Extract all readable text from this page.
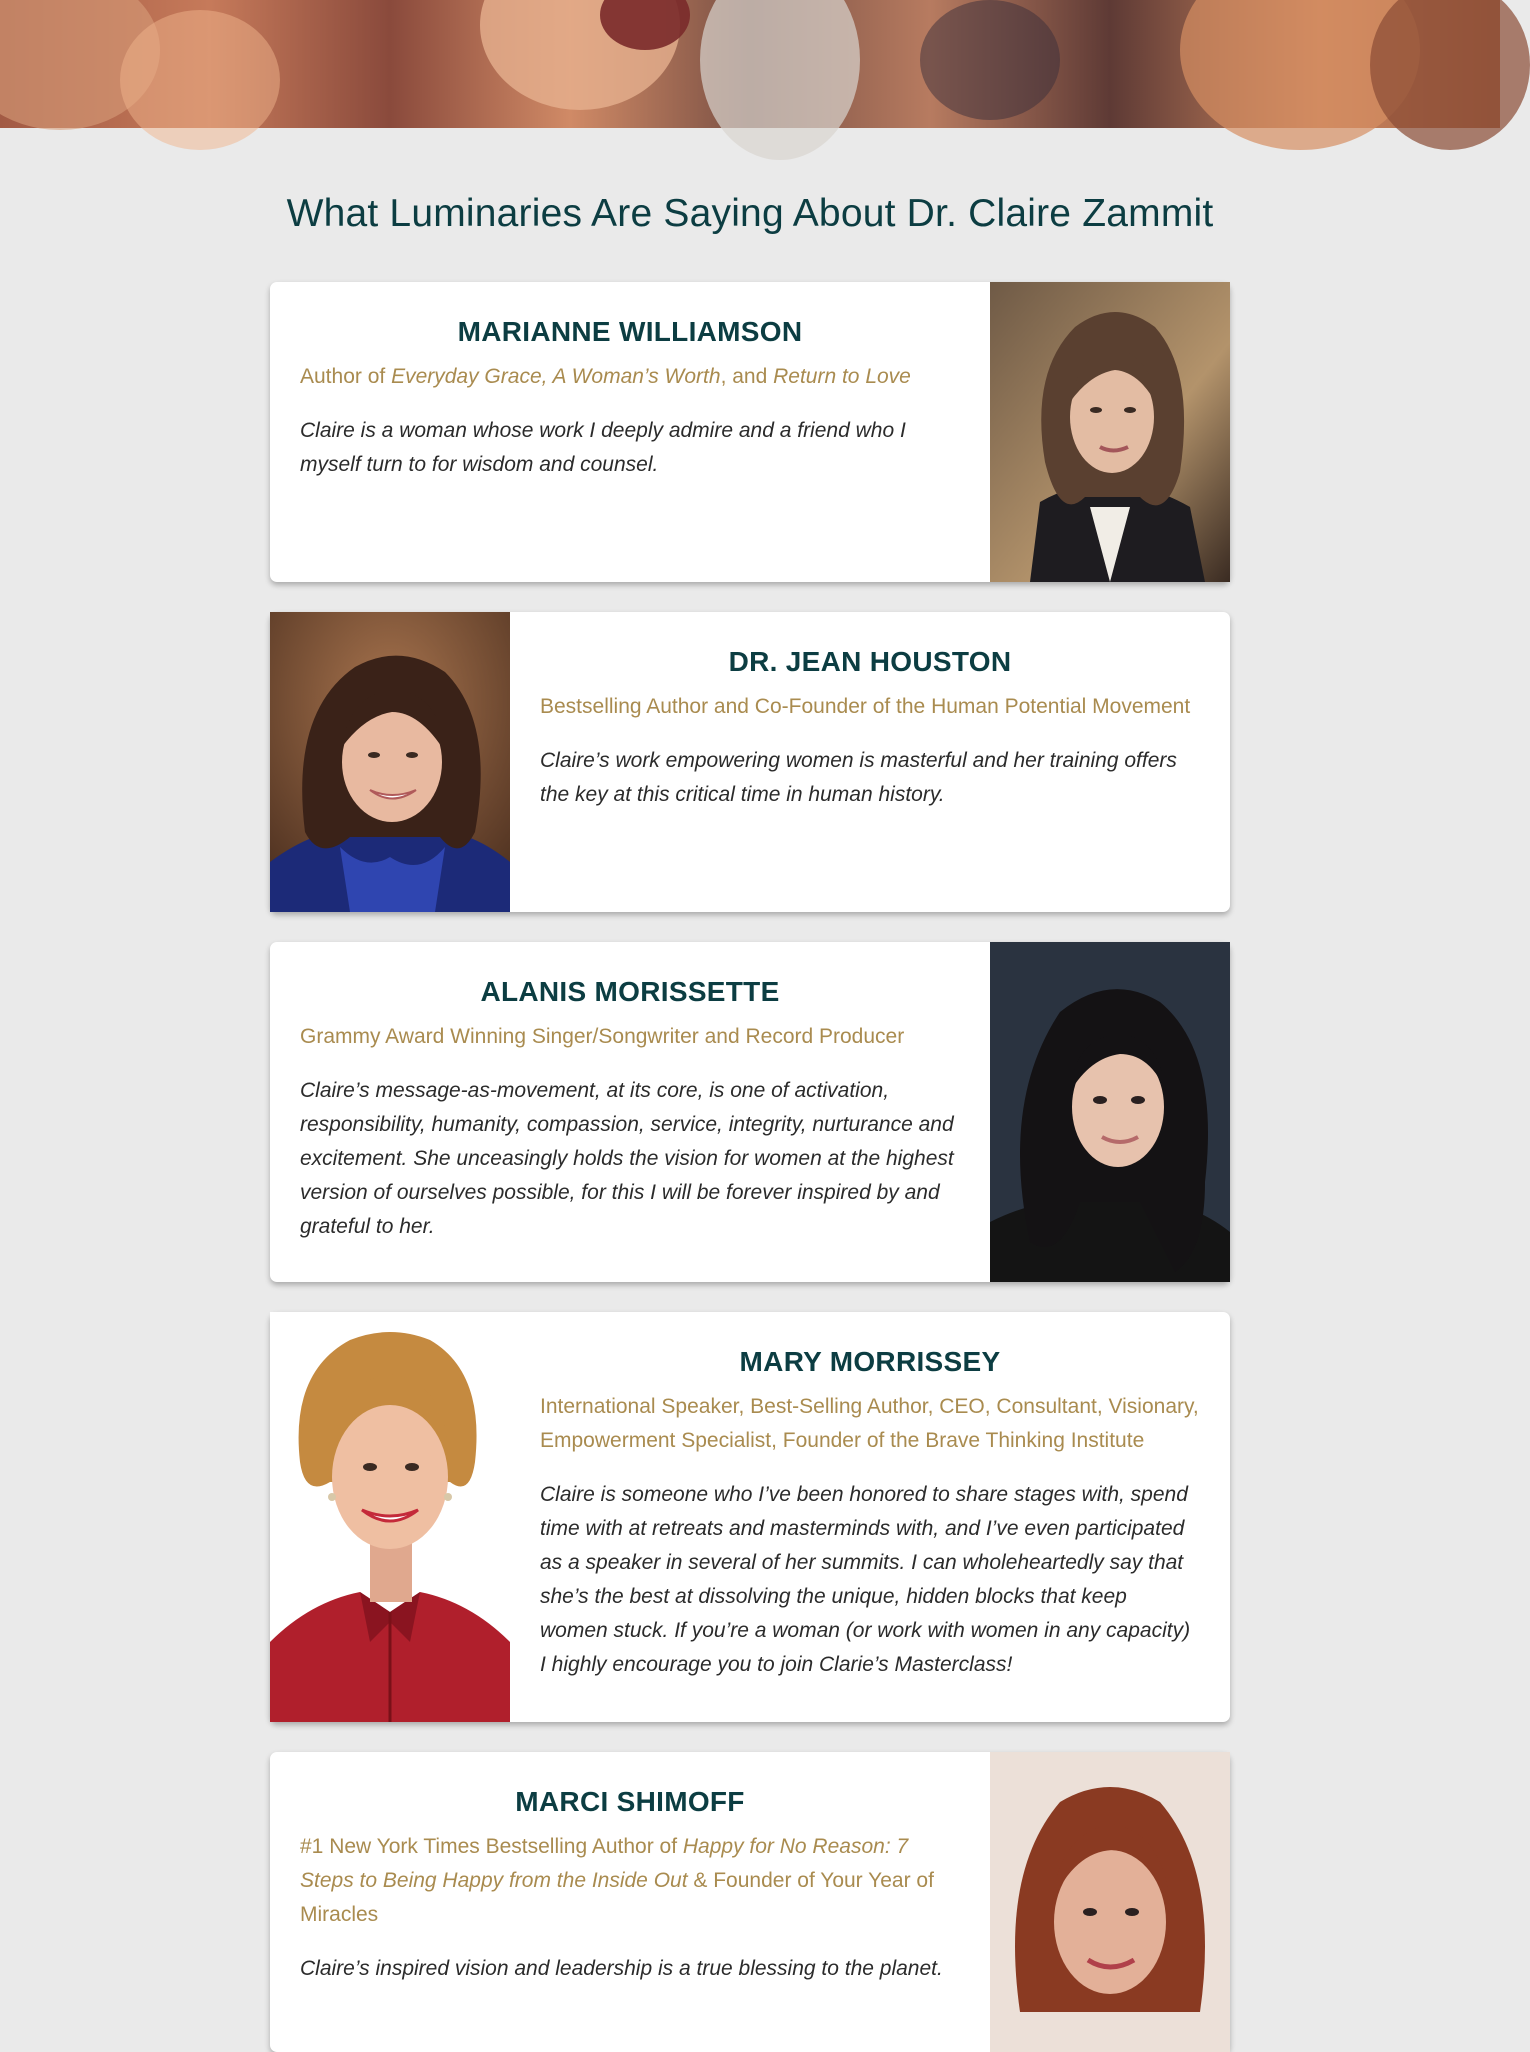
What Luminaries Are Saying About Dr. Claire Zammit
MARIANNE WILLIAMSON
Author of Everyday Grace, A Woman’s Worth, and Return to Love
Claire is a woman whose work I deeply admire and a friend who I myself turn to for wisdom and counsel.
DR. JEAN HOUSTON
Bestselling Author and Co-Founder of the Human Potential Movement
Claire’s work empowering women is masterful and her training offers the key at this critical time in human history.
ALANIS MORISSETTE
Grammy Award Winning Singer/Songwriter and Record Producer
Claire’s message-as-movement, at its core, is one of activation, responsibility, humanity, compassion, service, integrity, nurturance and excitement. She unceasingly holds the vision for women at the highest version of ourselves possible, for this I will be forever inspired by and grateful to her.
MARY MORRISSEY
International Speaker, Best-Selling Author, CEO, Consultant, Visionary, Empowerment Specialist, Founder of the Brave Thinking Institute
Claire is someone who I’ve been honored to share stages with, spend time with at retreats and masterminds with, and I’ve even participated as a speaker in several of her summits. I can wholeheartedly say that she’s the best at dissolving the unique, hidden blocks that keep women stuck. If you’re a woman (or work with women in any capacity) I highly encourage you to join Clarie’s Masterclass!
MARCI SHIMOFF
#1 New York Times Bestselling Author of Happy for No Reason: 7 Steps to Being Happy from the Inside Out & Founder of Your Year of Miracles
Claire’s inspired vision and leadership is a true blessing to the planet.
